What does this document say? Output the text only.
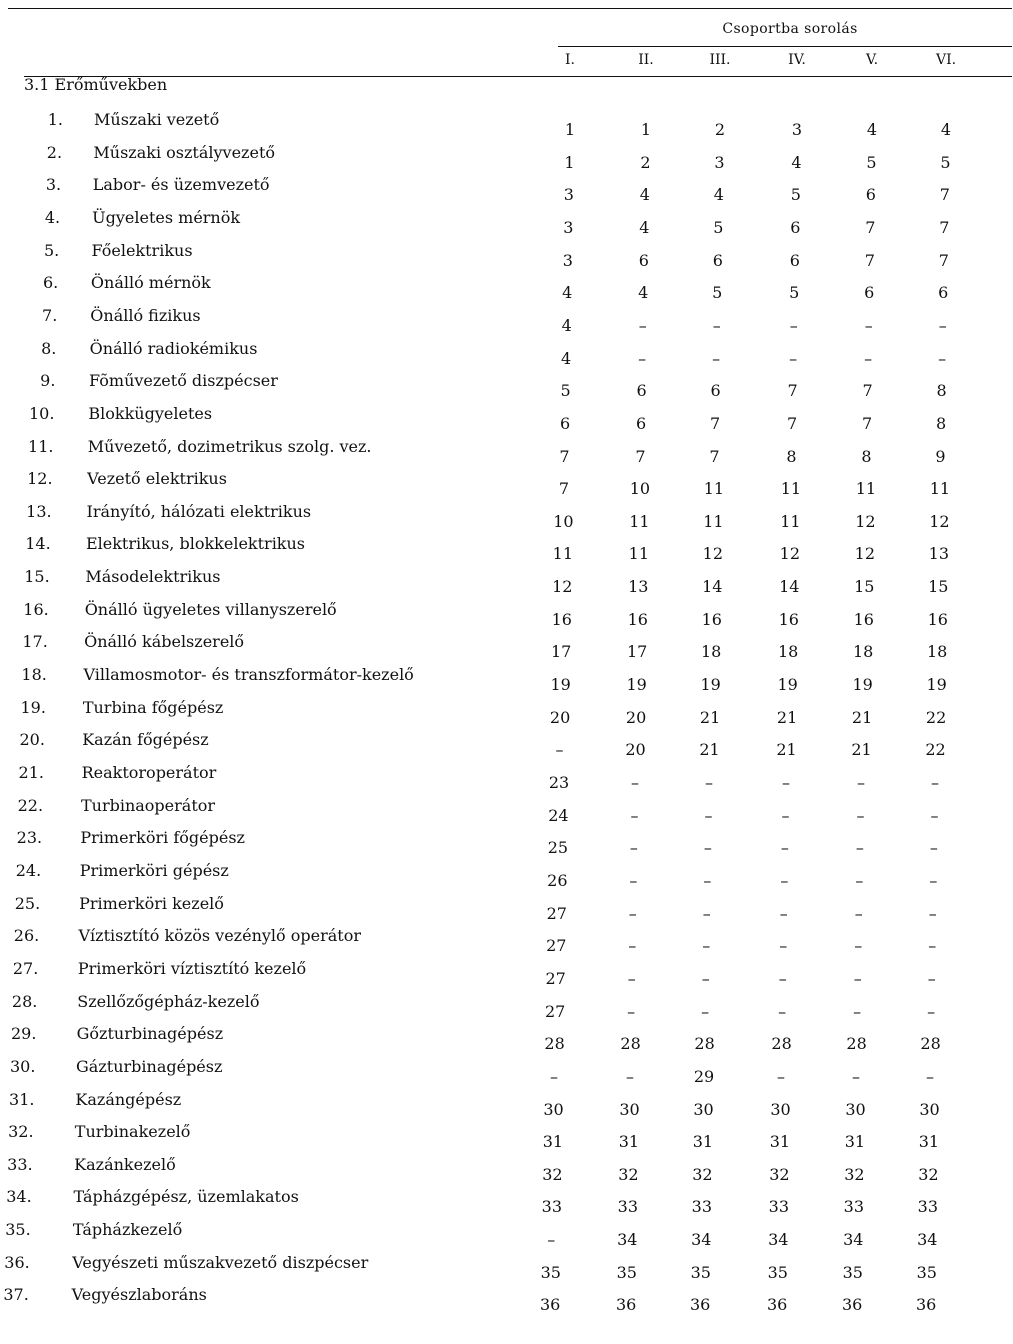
Csoportba sorolás
I.	II.	III.	IV.	V.	VI.
3.1 Erőművekben
1. Műszaki vezető
1	1	2	3	4	4
2. Műszaki osztályvezető
1	2	3	4	5	5
3. Labor- és üzemvezető
3	4	4	5	6	7
4. Ügyeletes mérnök
3	4	5	6	7	7
5. Főelektrikus
3	6	6	6	7	7
6. Önálló mérnök
4	4	5	5	6	6
7. Önálló fizikus
4	–	–	–	–	–
8. Önálló radiokémikus
4	–	–	–	–	–
9. Fõművezető diszpécser
5	6	6	7	7	8
10. Blokkügyeletes
6	6	7	7	7	8
11. Művezető, dozimetrikus szolg. vez.
7	7	7	8	8	9
12. Vezető elektrikus
7	10	11	11	11	11
13. Irányító, hálózati elektrikus
10	11	11	11	12	12
14. Elektrikus, blokkelektrikus
11	11	12	12	12	13
15. Másodelektrikus
12	13	14	14	15	15
16. Önálló ügyeletes villanyszerelő
16	16	16	16	16	16
17. Önálló kábelszerelő
17	17	18	18	18	18
18. Villamosmotor- és transzformátor-kezelő
19	19	19	19	19	19
19. Turbina főgépész
20	20	21	21	21	22
20. Kazán főgépész
–	20	21	21	21	22
21. Reaktoroperátor
23	–	–	–	–	–
22. Turbinaoperátor
24	–	–	–	–	–
23. Primerköri főgépész
25	–	–	–	–	–
24. Primerköri gépész
26	–	–	–	–	–
25. Primerköri kezelő
27	–	–	–	–	–
26. Víztisztító közös vezénylő operátor
27	–	–	–	–	–
27. Primerköri víztisztító kezelő
27	–	–	–	–	–
28. Szellőzőgépház-kezelő
27	–	–	–	–	–
29.	Gőzturbinagépész
28	28	28	28	28	28
30.	Gázturbinagépész
–	–	29	–	–	–
31.	Kazángépész
30	30	30	30	30	30
32.	Turbinakezelő
31	31	31	31	31	31
33.	Kazánkezelő
32	32	32	32	32	32
34.	Tápházgépész, üzemlakatos
33	33	33	33	33	33
35.	Tápházkezelő
–	34	34	34	34	34
36.	Vegyészeti műszakvezető diszpécser
35	35	35	35	35	35
37.	Vegyészlaboráns
36	36	36	36	36	36
